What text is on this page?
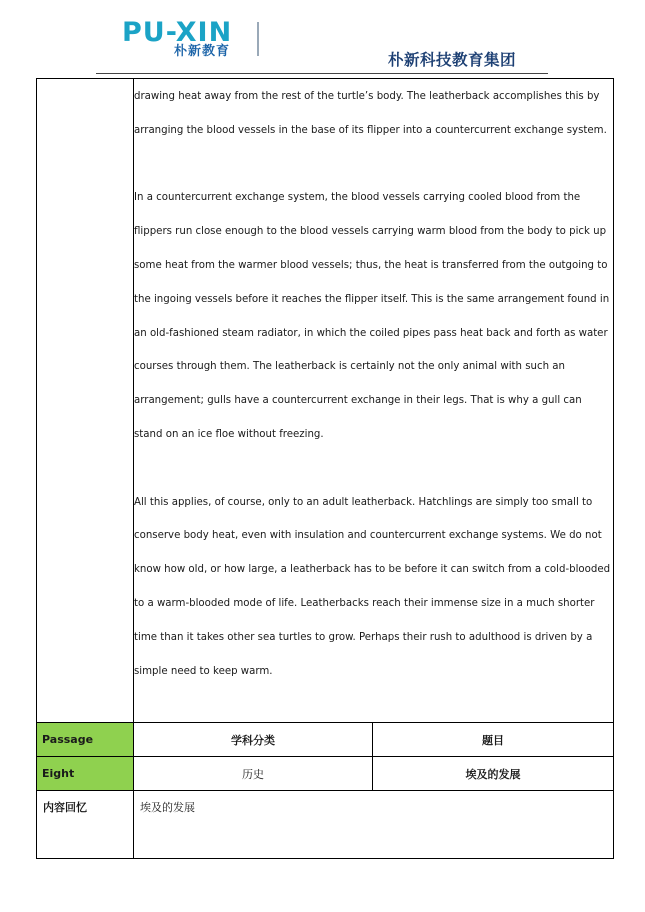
PU-XIN
朴新教育	朴新科技教育集团

	drawing heat away from the rest of the turtle’s body. The leatherback accomplishes this by arranging the blood vessels in the base of its flipper into a countercurrent exchange system.

In a countercurrent exchange system, the blood vessels carrying cooled blood from the flippers run close enough to the blood vessels carrying warm blood from the body to pick up some heat from the warmer blood vessels; thus, the heat is transferred from the outgoing to the ingoing vessels before it reaches the flipper itself. This is the same arrangement found in an old-fashioned steam radiator, in which the coiled pipes pass heat back and forth as water courses through them. The leatherback is certainly not the only animal with such an arrangement; gulls have a countercurrent exchange in their legs. That is why a gull can stand on an ice floe without freezing.

All this applies, of course, only to an adult leatherback. Hatchlings are simply too small to conserve body heat, even with insulation and countercurrent exchange systems. We do not know how old, or how large, a leatherback has to be before it can switch from a cold-blooded to a warm-blooded mode of life. Leatherbacks reach their immense size in a much shorter time than it takes other sea turtles to grow. Perhaps their rush to adulthood is driven by a simple need to keep warm.	

Passage	学科分类	题目
Eight	历史	埃及的发展
内容回忆	埃及的发展	
